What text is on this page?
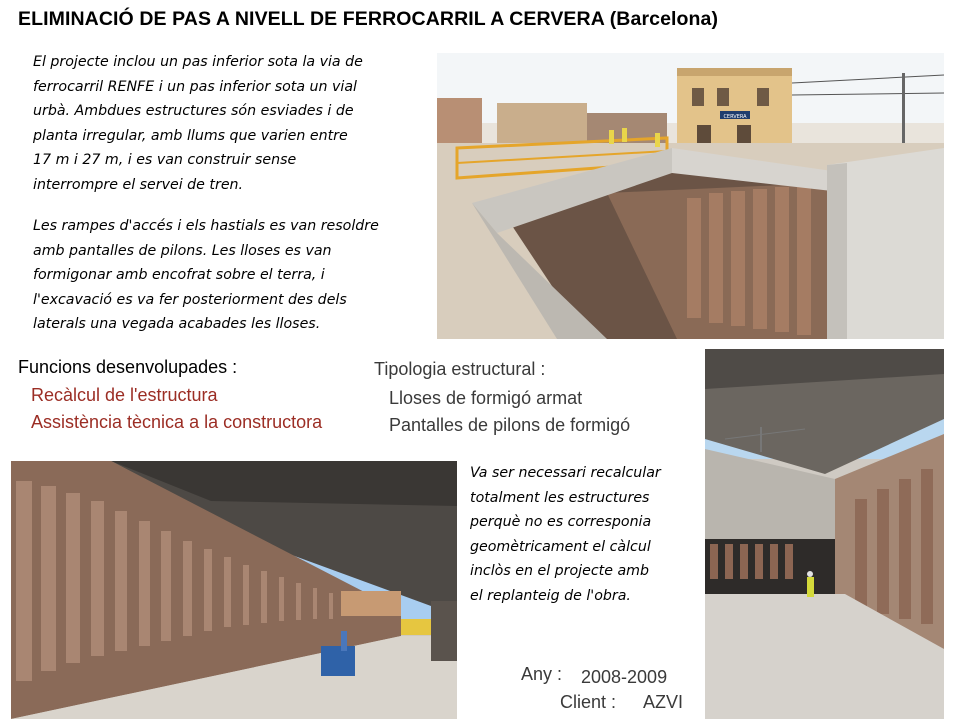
ELIMINACIÓ DE PAS A NIVELL DE FERROCARRIL A CERVERA (Barcelona)
El projecte inclou un pas inferior sota la via de
ferrocarril RENFE i un pas inferior sota un vial
urbà. Ambdues estructures són esviades i de
planta irregular, amb llums que varien entre
17 m i 27 m, i es van construir sense
interrompre el servei de tren.
Les rampes d'accés i els hastials es van resoldre
amb pantalles de pilons. Les lloses es van
formigonar amb encofrat sobre el terra, i
l'excavació es va fer posteriorment des dels
laterals una vegada acabades les lloses.
CERVERA
Funcions desenvolupades :
Recàlcul de l'estructura
Assistència tècnica a la constructora
Tipologia estructural :
Lloses de formigó armat
Pantalles de pilons de formigó
Va ser necessari recalcular
totalment les estructures
perquè no es corresponia
geomètricament el càlcul
inclòs en el projecte amb
el replanteig de l'obra.
Any : 2008-2009
Client : AZVI
